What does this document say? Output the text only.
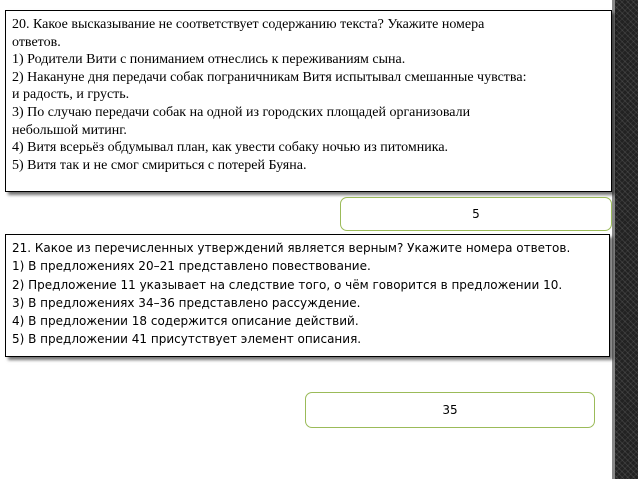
20. Какое высказывание не соответствует содержанию текста? Укажите номера
ответов.
1) Родители Вити с пониманием отнеслись к переживаниям сына.
2) Накануне дня передачи собак пограничникам Витя испытывал смешанные чувства:
и радость, и грусть.
3) По случаю передачи собак на одной из городских площадей организовали
небольшой митинг.
4) Витя всерьёз обдумывал план, как увести собаку ночью из питомника.
5) Витя так и не смог смириться с потерей Буяна.
5
21. Какое из перечисленных утверждений является верным? Укажите номера ответов.
1) В предложениях 20–21 представлено повествование.
2) Предложение 11 указывает на следствие того, о чём говорится в предложении 10.
3) В предложениях 34–36 представлено рассуждение.
4) В предложении 18 содержится описание действий.
5) В предложении 41 присутствует элемент описания.
35
